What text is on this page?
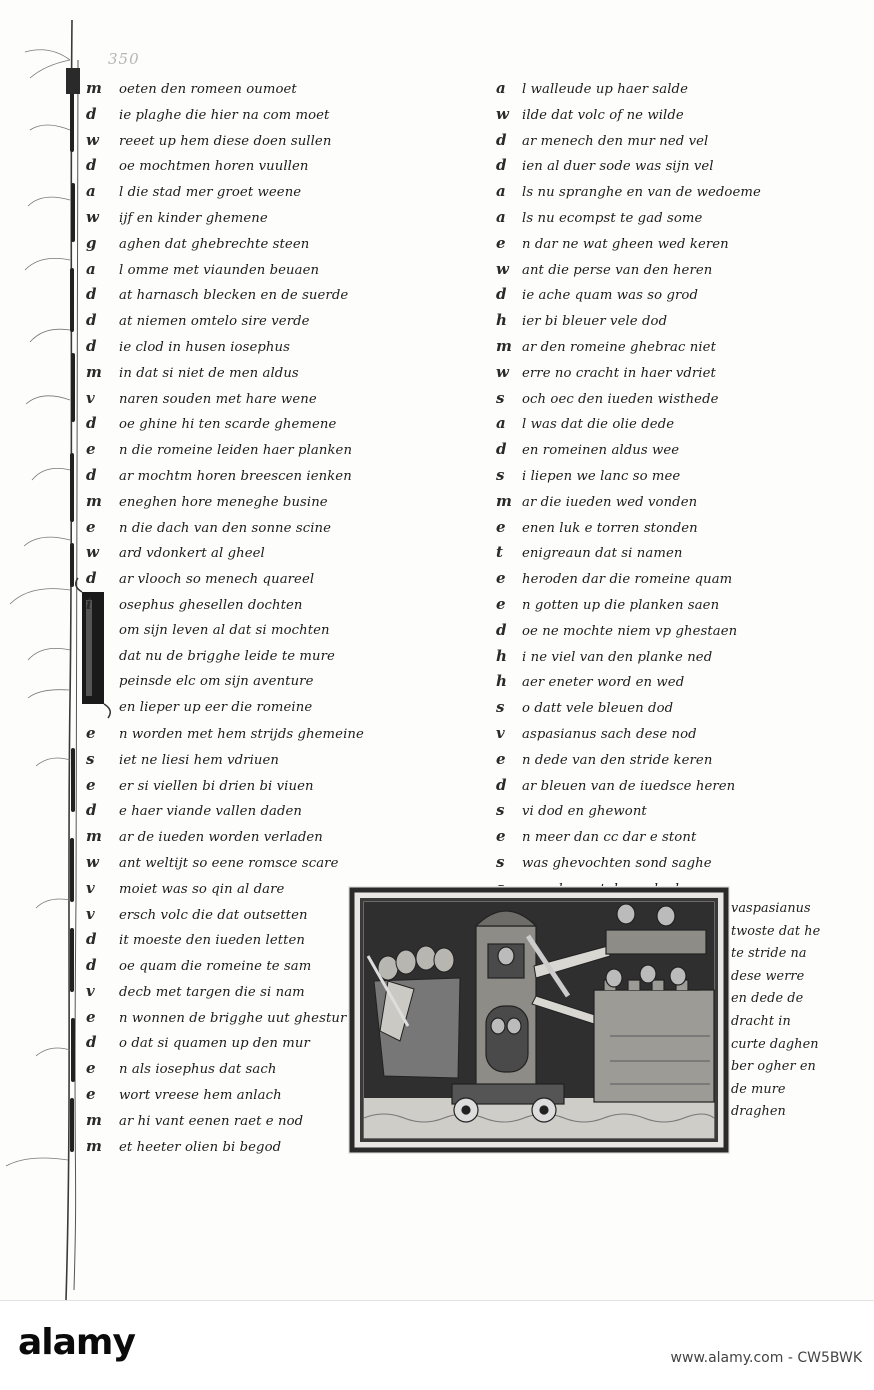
350
m	oeten den romeen oumoet
d	ie plaghe die hier na com moet
w	reeet up hem diese doen sullen
d	oe mochtmen horen vuullen
a	l die stad mer groet weene
w	ijf en kinder ghemene
g	aghen dat ghebrechte steen
a	l omme met viaunden beuaen
d	at harnasch blecken en de suerde
d	at niemen omtelo sire verde
d	ie clod in husen iosephus
m	in dat si niet de men aldus
v	naren souden met hare wene
d	oe ghine hi ten scarde ghemene
e	n die romeine leiden haer planken
d	ar mochtm horen breescen ienken
m	eneghen hore meneghe busine
e	n die dach van den sonne scine
w	ard vdonkert al gheel
d	ar vlooch so menech quareel
i	osephus ghesellen dochten
om sijn leven al dat si mochten
dat nu de brigghe leide te mure
peinsde elc om sijn aventure
en lieper up eer die romeine
e	n worden met hem strijds ghemeine
s	iet ne liesi hem vdriuen
e	er si viellen bi drien bi viuen
d	e haer viande vallen daden
m	ar de iueden worden verladen
w	ant weltijt so eene romsce scare
v	moiet was so qin al dare
v	ersch volc die dat outsetten
d	it moeste den iueden letten
d	oe quam die romeine te sam
v	decb met targen die si nam
e	n wonnen de brigghe uut ghestur
d	o dat si quamen up den mur
e	n als iosephus dat sach
e	wort vreese hem anlach
m	ar hi vant eenen raet e nod
m	et heeter olien bi begod
a	l walleude up haer salde
w ilde dat volc of ne wilde
d	ar menech den mur ned vel
d	ien al duer sode was sijn vel
a	ls nu spranghe en van de wedoeme
a	ls nu ecompst te gad some
e	n dar ne wat gheen wed keren
w ant die perse van den heren
d	ie ache quam was so grod
h	ier bi bleuer vele dod
m ar den romeine ghebrac niet
w erre no cracht in haer vdriet
s	och oec den iueden wisthede
a	l was dat die olie dede
d	en romeinen aldus wee
s	i liepen we lanc so mee
m ar die iueden wed vonden
e	enen luk e torren stonden
t	enigreaun dat si namen
e	heroden dar die romeine quam
e	n gotten up die planken saen
d	oe ne mochte niem vp ghestaen
h	i ne viel van den planke ned
h	aer eneter word en wed
s	o datt vele bleuen dod
v	aspasianus sach dese nod
e	n dede van den stride keren
d	ar bleuen van de iuedsce heren
s	vi dod en ghewont
e	n meer dan cc dar e stont
s	was ghevochten sond saghe
vaspasianus
twoste dat he
te stride na
dese werre
en dede de
dracht in
curte daghen
ber ogher en
de mure
draghen
alamy	www.alamy.com - CW5BWK
